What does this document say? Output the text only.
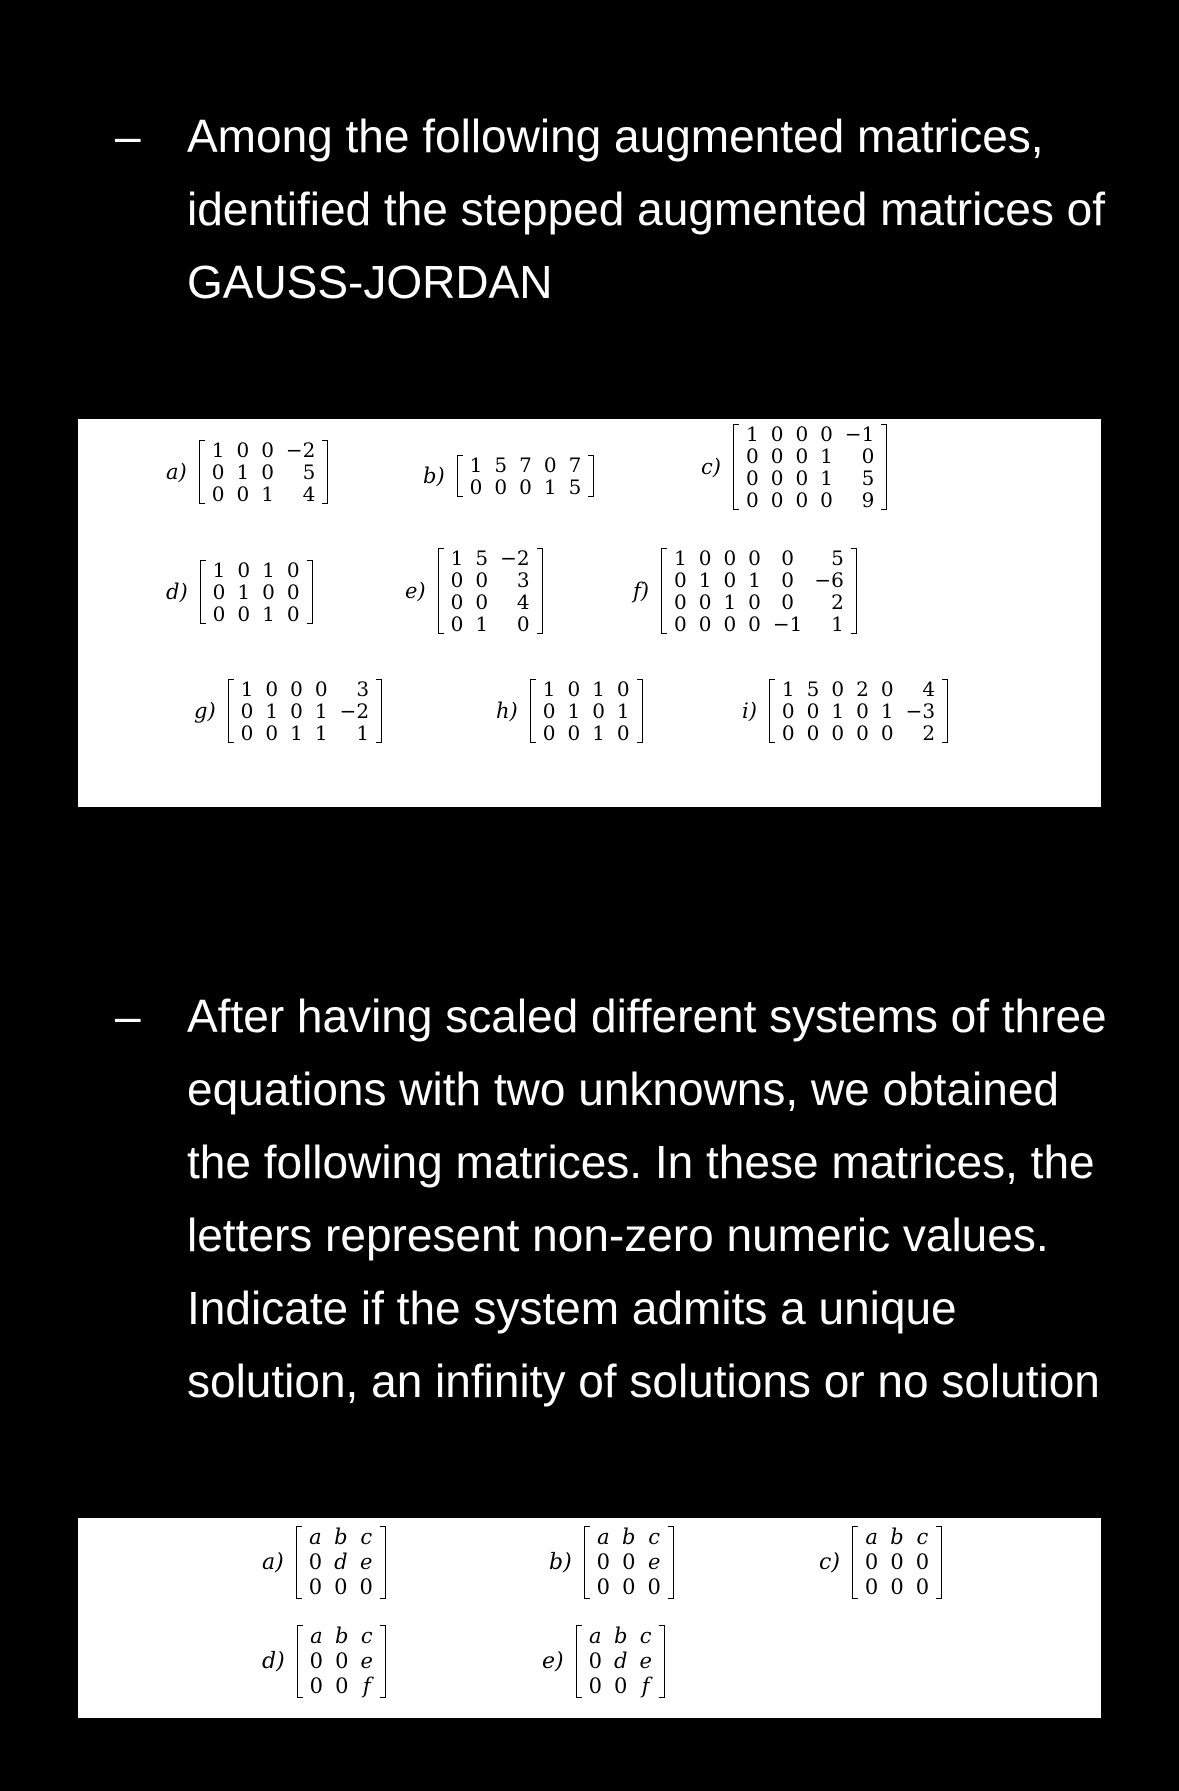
– Among the following augmented matrices, identified the stepped augmented matrices of GAUSS-JORDAN
a)
1	0	0	−2
0	1	0	5
0	0	1	4
b) 1	5	7	0	7
0	0	0	1	5
c)
1	0	0	0	−1
0	0	0	1	0
0	0	0	1	5
0	0	0	0	9
d)
1	0	1	0
0	1	0	0
0	0	1	0
e)
1	5	−2
0	0	3
0	0	4
0	1	0
f)
1	0	0	0	0	5
0	1	0	1	0	−6
0	0	1	0	0	2
0	0	0	0	−1	1
g)
1	0	0	0	3
0	1	0	1	−2
0	0	1	1	1
h)
1	0	1	0
0	1	0	1
0	0	1	0
i)
1	5	0	2	0	4
0	0	1	0	1	−3
0	0	0	0	0	2
– After having scaled different systems of three equations with two unknowns, we obtained the following matrices. In these matrices, the letters represent non-zero numeric values. Indicate if the system admits a unique solution, an infinity of solutions or no solution
a)
a	b	c
0	d	e
0	0	0
b)
a	b	c
0	0	e
0	0	0
c)
a	b	c
0	0	0
0	0	0
d)
a	b	c
0	0	e
0	0	f
e)
a	b	c
0	d	e
0	0	f
